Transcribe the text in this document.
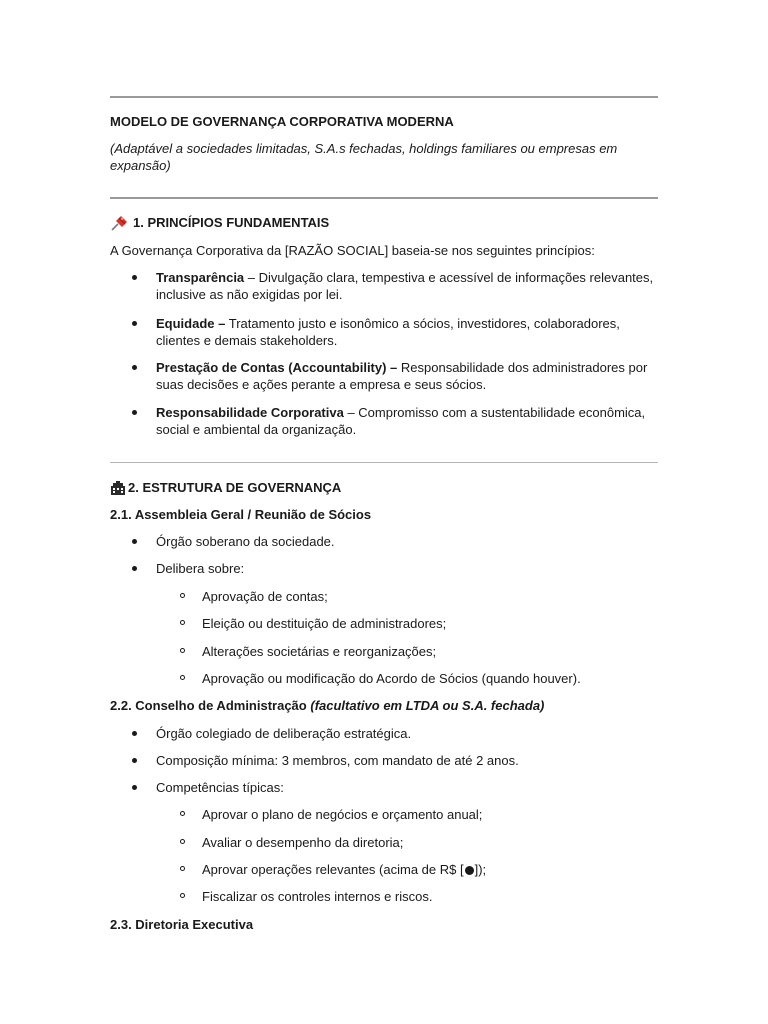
MODELO DE GOVERNANÇA CORPORATIVA MODERNA

(Adaptável a sociedades limitadas, S.A.s fechadas, holdings familiares ou empresas em expansão)

1. PRINCÍPIOS FUNDAMENTAIS

A Governança Corporativa da [RAZÃO SOCIAL] baseia-se nos seguintes princípios:

Transparência – Divulgação clara, tempestiva e acessível de informações relevantes, inclusive as não exigidas por lei.
Equidade – Tratamento justo e isonômico a sócios, investidores, colaboradores, clientes e demais stakeholders.
Prestação de Contas (Accountability) – Responsabilidade dos administradores por suas decisões e ações perante a empresa e seus sócios.
Responsabilidade Corporativa – Compromisso com a sustentabilidade econômica, social e ambiental da organização.
2. ESTRUTURA DE GOVERNANÇA

2.1. Assembleia Geral / Reunião de Sócios

Órgão soberano da sociedade.
Delibera sobre:
Aprovação de contas;
Eleição ou destituição de administradores;
Alterações societárias e reorganizações;
Aprovação ou modificação do Acordo de Sócios (quando houver).

2.2. Conselho de Administração (facultativo em LTDA ou S.A. fechada)

Órgão colegiado de deliberação estratégica.
Composição mínima: 3 membros, com mandato de até 2 anos.
Competências típicas:
Aprovar o plano de negócios e orçamento anual;
Avaliar o desempenho da diretoria;
Aprovar operações relevantes (acima de R$ [ ]);
Fiscalizar os controles internos e riscos.

2.3. Diretoria Executiva
